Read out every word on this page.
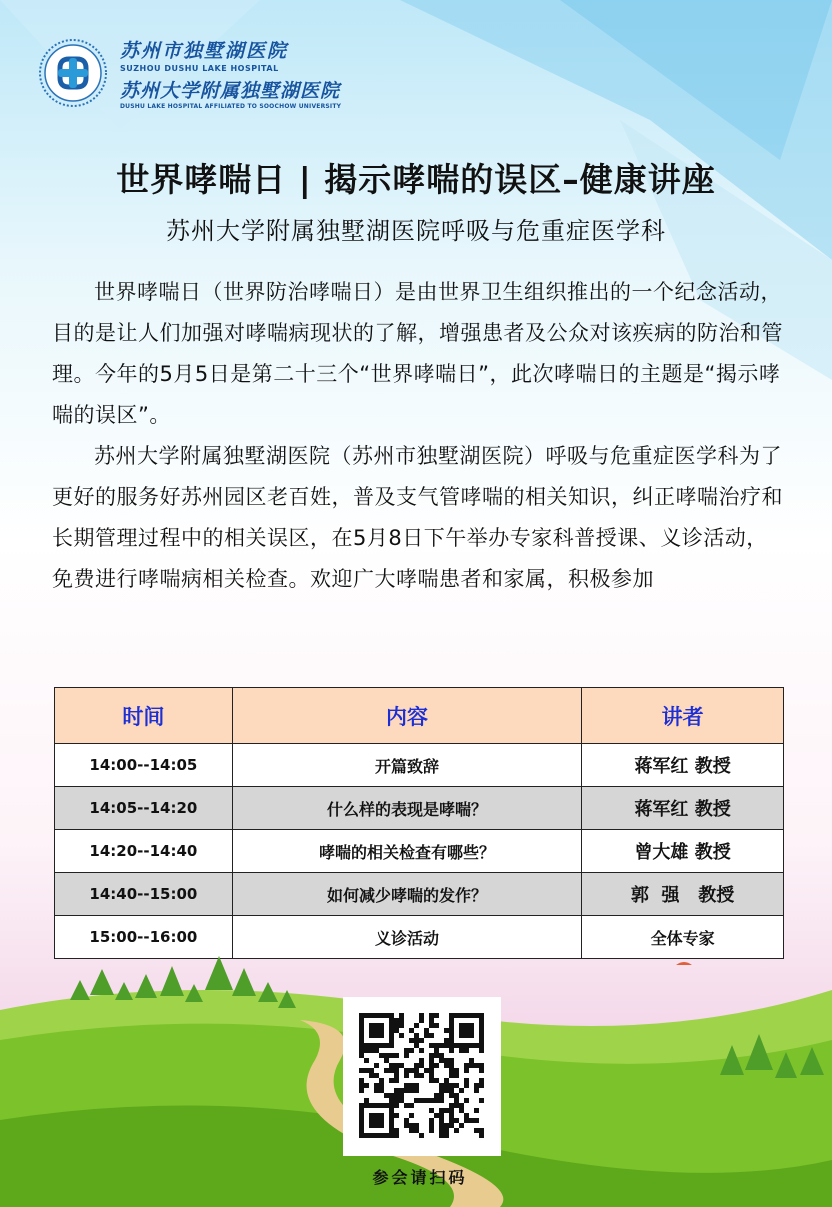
苏州市独墅湖医院
SUZHOU DUSHU LAKE HOSPITAL
苏州大学附属独墅湖医院
DUSHU LAKE HOSPITAL AFFILIATED TO SOOCHOW UNIVERSITY
世界哮喘日 | 揭示哮喘的误区–健康讲座
苏州大学附属独墅湖医院呼吸与危重症医学科

世界哮喘日（世界防治哮喘日）是由世界卫生组织推出的一个纪念活动，目的是让人们加强对哮喘病现状的了解，增强患者及公众对该疾病的防治和管理。今年的5月5日是第二十三个“世界哮喘日”，此次哮喘日的主题是“揭示哮喘的误区”。

苏州大学附属独墅湖医院（苏州市独墅湖医院）呼吸与危重症医学科为了更好的服务好苏州园区老百姓，普及支气管哮喘的相关知识，纠正哮喘治疗和长期管理过程中的相关误区，在5月8日下午举办专家科普授课、义诊活动，免费进行哮喘病相关检查。欢迎广大哮喘患者和家属，积极参加

时间	内容	讲者
14:00--14:05	开篇致辞	蒋军红 教授
14:05--14:20	什么样的表现是哮喘？	蒋军红 教授
14:20--14:40	哮喘的相关检查有哪些？	曾大雄 教授
14:40--15:00	如何减少哮喘的发作？	郭  强   教授
15:00--16:00	义诊活动	全体专家
参会请扫码
